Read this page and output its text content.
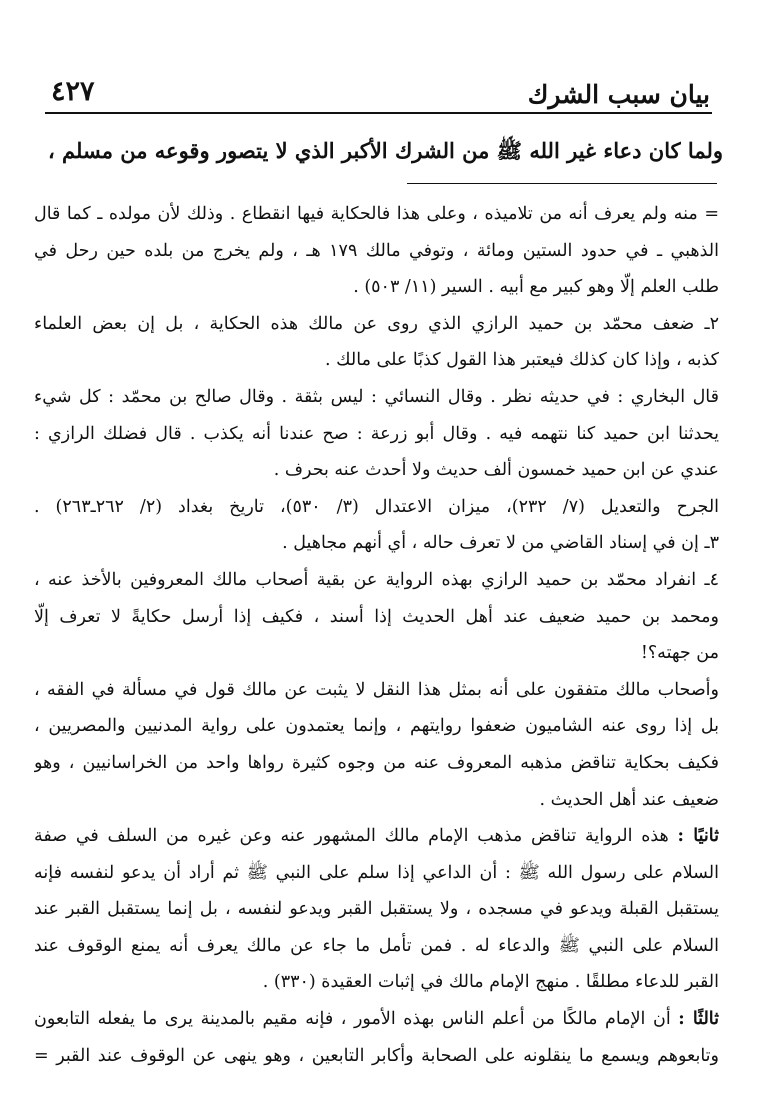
بيان سبب الشرك
٤٢٧
ولما كان دعاء غير الله ﷺ من الشرك الأكبر الذي لا يتصور وقوعه من مسلم ،
= منه ولم يعرف أنه من تلاميذه ، وعلى هذا فالحكاية فيها انقطاع . وذلك لأن مولده ـ كما قال
الذهبي ـ في حدود الستين ومائة ، وتوفي مالك ١٧٩ هـ ، ولم يخرج من بلده حين رحل في
طلب العلم إلّا وهو كبير مع أبيه . السير (١١/ ٥٠٣) .
٢ـ ضعف محمّد بن حميد الرازي الذي روى عن مالك هذه الحكاية ، بل إن بعض العلماء
كذبه ، وإذا كان كذلك فيعتبر هذا القول كذبًا على مالك .
قال البخاري : في حديثه نظر . وقال النسائي : ليس بثقة . وقال صالح بن محمّد : كل شيء
يحدثنا ابن حميد كنا نتهمه فيه . وقال أبو زرعة : صح عندنا أنه يكذب . قال فضلك الرازي :
عندي عن ابن حميد خمسون ألف حديث ولا أحدث عنه بحرف .
الجرح والتعديل (٧/ ٢٣٢)، ميزان الاعتدال (٣/ ٥٣٠)، تاريخ بغداد (٢/ ٢٦٢ـ٢٦٣) .
٣ـ إن في إسناد القاضي من لا تعرف حاله ، أي أنهم مجاهيل .
٤ـ انفراد محمّد بن حميد الرازي بهذه الرواية عن بقية أصحاب مالك المعروفين بالأخذ عنه ،
ومحمد بن حميد ضعيف عند أهل الحديث إذا أسند ، فكيف إذا أرسل حكايةً لا تعرف إلّا
من جهته؟!
وأصحاب مالك متفقون على أنه بمثل هذا النقل لا يثبت عن مالك قول في مسألة في الفقه ،
بل إذا روى عنه الشاميون ضعفوا روايتهم ، وإنما يعتمدون على رواية المدنيين والمصريين ،
فكيف بحكاية تناقض مذهبه المعروف عنه من وجوه كثيرة رواها واحد من الخراسانيين ، وهو
ضعيف عند أهل الحديث .
ثانيًا : هذه الرواية تناقض مذهب الإمام مالك المشهور عنه وعن غيره من السلف في صفة
السلام على رسول الله ﷺ : أن الداعي إذا سلم على النبي ﷺ ثم أراد أن يدعو لنفسه فإنه
يستقبل القبلة ويدعو في مسجده ، ولا يستقبل القبر ويدعو لنفسه ، بل إنما يستقبل القبر عند
السلام على النبي ﷺ والدعاء له . فمن تأمل ما جاء عن مالك يعرف أنه يمنع الوقوف عند
القبر للدعاء مطلقًا . منهج الإمام مالك في إثبات العقيدة (٣٣٠) .
ثالثًا : أن الإمام مالكًا من أعلم الناس بهذه الأمور ، فإنه مقيم بالمدينة يرى ما يفعله التابعون
وتابعوهم ويسمع ما ينقلونه على الصحابة وأكابر التابعين ، وهو ينهى عن الوقوف عند القبر =
